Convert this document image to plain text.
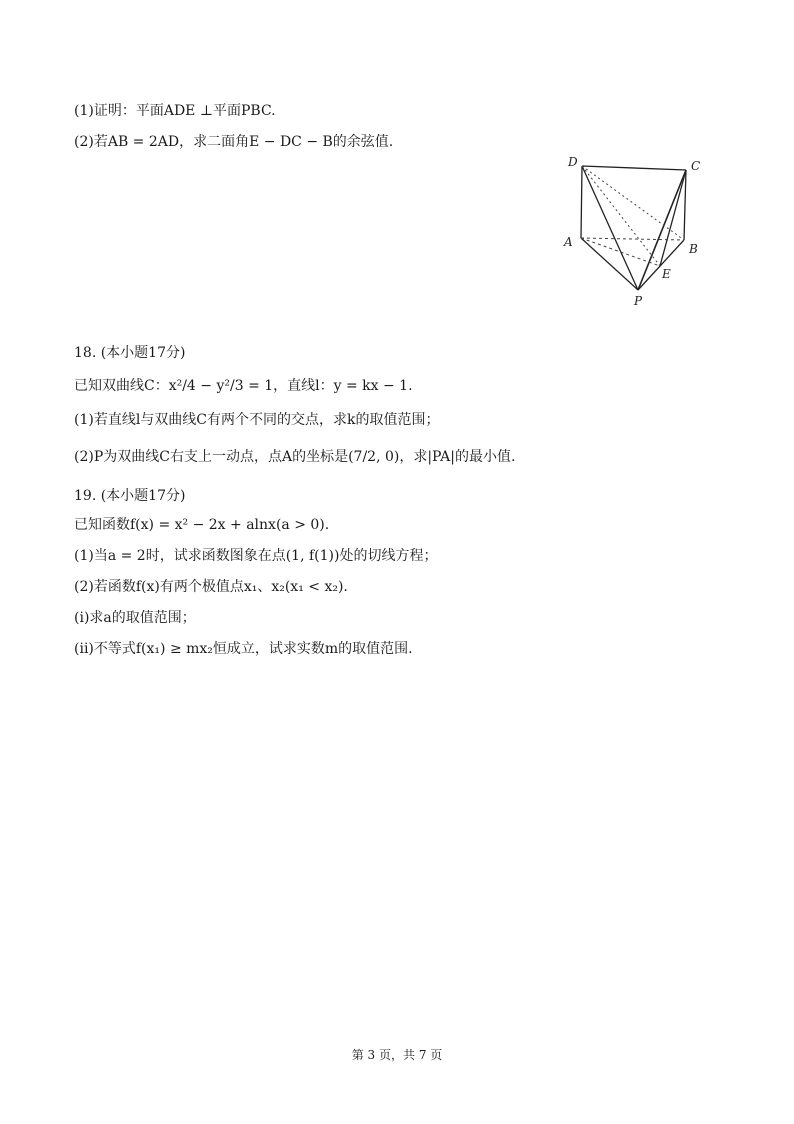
(1)证明：平面ADE ⊥平面PBC.
(2)若AB = 2AD，求二面角E − DC − B的余弦值.
D	C
A	B
E
P
18. (本小题17分)
已知双曲线C：x²/4 − y²/3 = 1，直线l：y = kx − 1.
(1)若直线l与双曲线C有两个不同的交点，求k的取值范围；
(2)P为双曲线C右支上一动点，点A的坐标是(7/2, 0)，求|PA|的最小值.
19. (本小题17分)
已知函数f(x) = x² − 2x + alnx(a > 0).
(1)当a = 2时，试求函数图象在点(1, f(1))处的切线方程；
(2)若函数f(x)有两个极值点x₁、x₂(x₁ < x₂).
(i)求a的取值范围；
(ii)不等式f(x₁) ≥ mx₂恒成立，试求实数m的取值范围.
第 3 页，共 7 页
